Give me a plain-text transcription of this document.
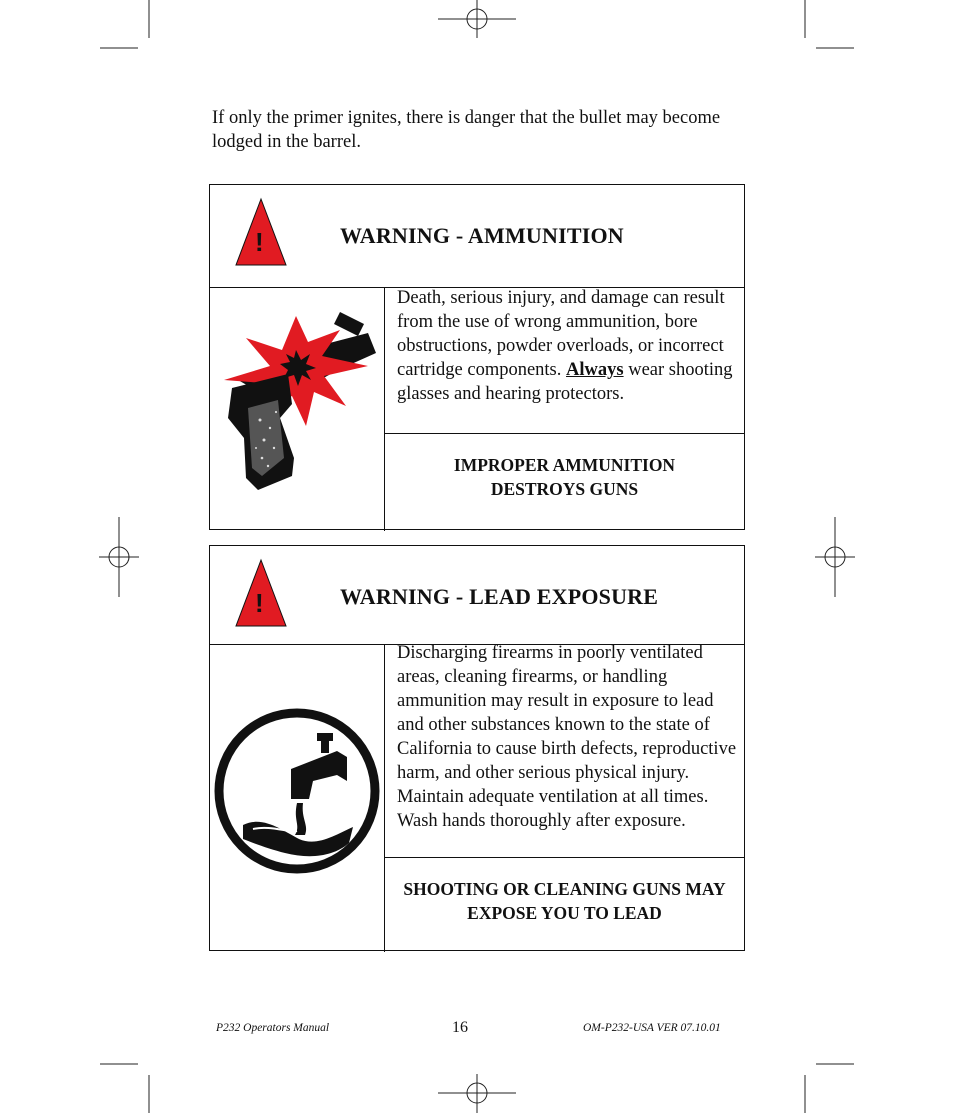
If only the primer ignites, there is danger that the bullet may become lodged in the barrel.
!	WARNING - AMMUNITION
Death, serious injury, and damage can result from the use of wrong ammunition, bore obstructions, powder overloads, or incorrect cartridge components. Always wear shooting glasses and hearing protectors.
IMPROPER AMMUNITION DESTROYS GUNS
!	WARNING - LEAD EXPOSURE
Discharging firearms in poorly ventilated areas, cleaning firearms, or handling ammunition may result in exposure to lead and other substances known to the state of California to cause birth defects, reproductive harm, and other serious physical injury. Maintain adequate ventilation at all times. Wash hands thoroughly after exposure.
SHOOTING OR CLEANING GUNS MAY EXPOSE YOU TO LEAD
P232 Operators Manual	16	OM-P232-USA VER 07.10.01
